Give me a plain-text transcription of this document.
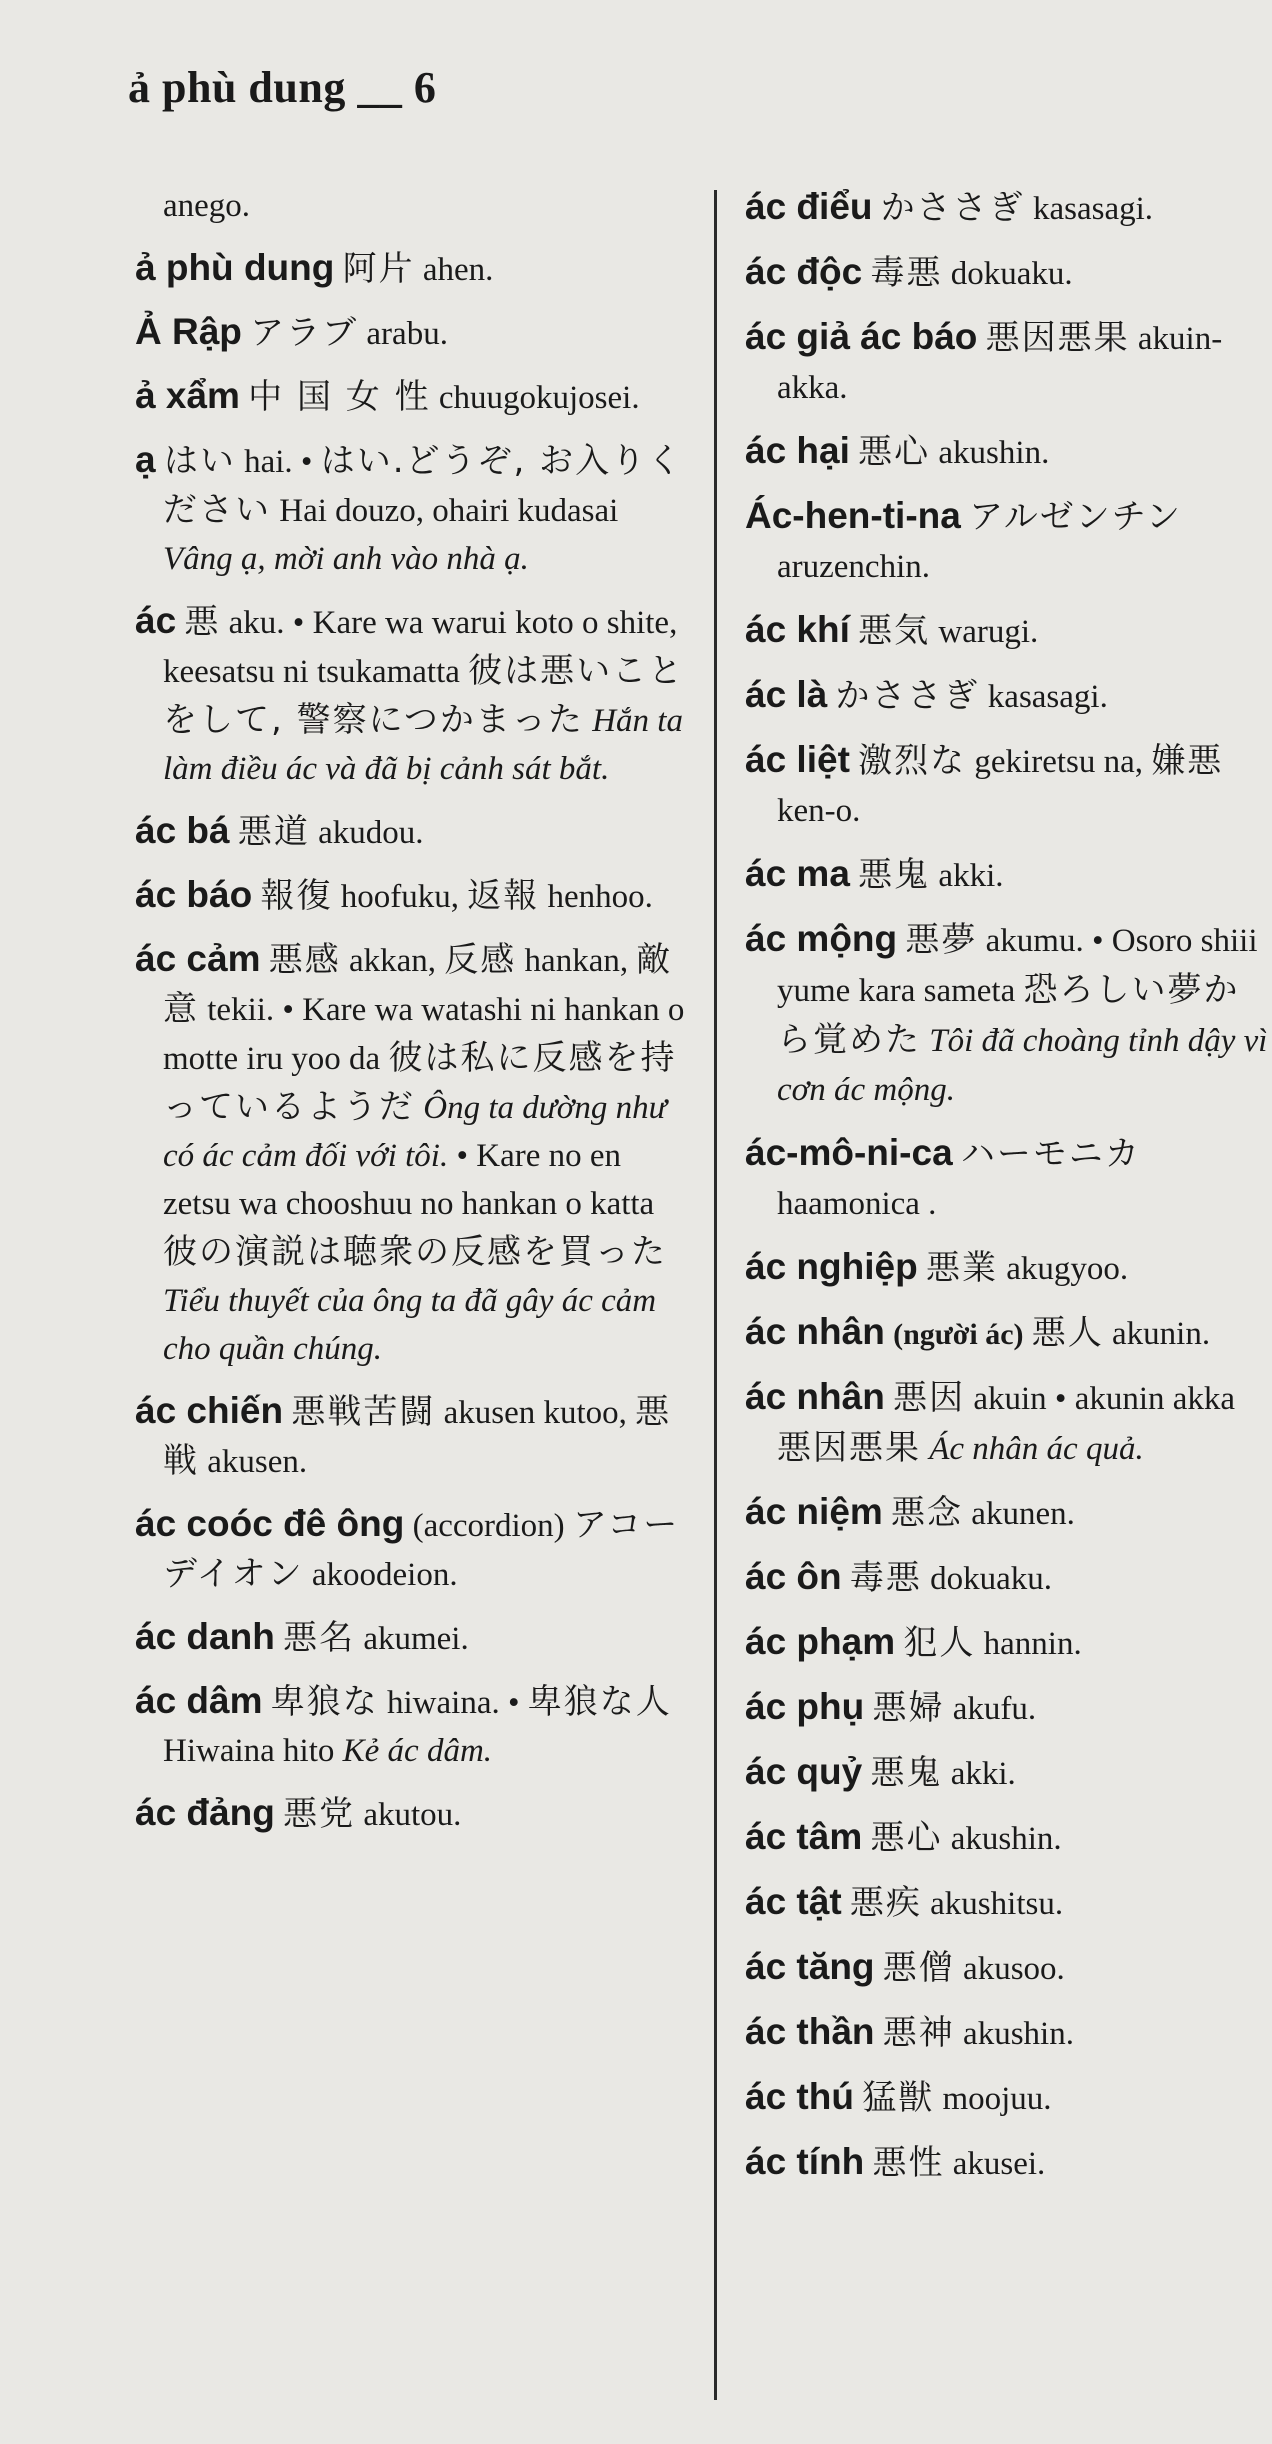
ả phù dung __ 6
anego.
ả phù dung 阿片 ahen.
Ả Rập アラブ arabu.
ả xẩm 中 国 女 性 chuugokujosei.
ạ はい hai. • はい.どうぞ, お入りください Hai douzo, ohairi kudasai Vâng ạ, mời anh vào nhà ạ.
ác 悪 aku. • Kare wa warui koto o shite, keesatsu ni tsukamatta 彼は悪いことをして, 警察につかまった Hắn ta làm điều ác và đã bị cảnh sát bắt.
ác bá 悪道 akudou.
ác báo 報復 hoofuku, 返報 henhoo.
ác cảm 悪感 akkan, 反感 hankan, 敵意 tekii. • Kare wa watashi ni hankan o motte iru yoo da 彼は私に反感を持っているようだ Ông ta dường như có ác cảm đối với tôi. • Kare no en zetsu wa chooshuu no hankan o katta 彼の演説は聴衆の反感を買った Tiểu thuyết của ông ta đã gây ác cảm cho quần chúng.
ác chiến 悪戦苦闘 akusen kutoo, 悪戦 akusen.
ác coóc đê ông (accordion) アコーデイオン akoodeion.
ác danh 悪名 akumei.
ác dâm 卑狼な hiwaina. • 卑狼な人 Hiwaina hito Kẻ ác dâm.
ác đảng 悪党 akutou.
ác điểu かささぎ kasasagi.
ác độc 毒悪 dokuaku.
ác giả ác báo 悪因悪果 akuin- akka.
ác hại 悪心 akushin.
Ác-hen-ti-na アルゼンチン aruzenchin.
ác khí 悪気 warugi.
ác là かささぎ kasasagi.
ác liệt 激烈な gekiretsu na, 嫌悪 ken-o.
ác ma 悪鬼 akki.
ác mộng 悪夢 akumu. • Osoro shiii yume kara sameta 恐ろしい夢から覚めた Tôi đã choàng tỉnh dậy vì cơn ác mộng.
ác-mô-ni-ca ハーモニカ haamonica .
ác nghiệp 悪業 akugyoo.
ác nhân (người ác) 悪人 akunin.
ác nhân 悪因 akuin • akunin akka 悪因悪果 Ác nhân ác quả.
ác niệm 悪念 akunen.
ác ôn 毒悪 dokuaku.
ác phạm 犯人 hannin.
ác phụ 悪婦 akufu.
ác quỷ 悪鬼 akki.
ác tâm 悪心 akushin.
ác tật 悪疾 akushitsu.
ác tăng 悪僧 akusoo.
ác thần 悪神 akushin.
ác thú 猛獣 moojuu.
ác tính 悪性 akusei.
